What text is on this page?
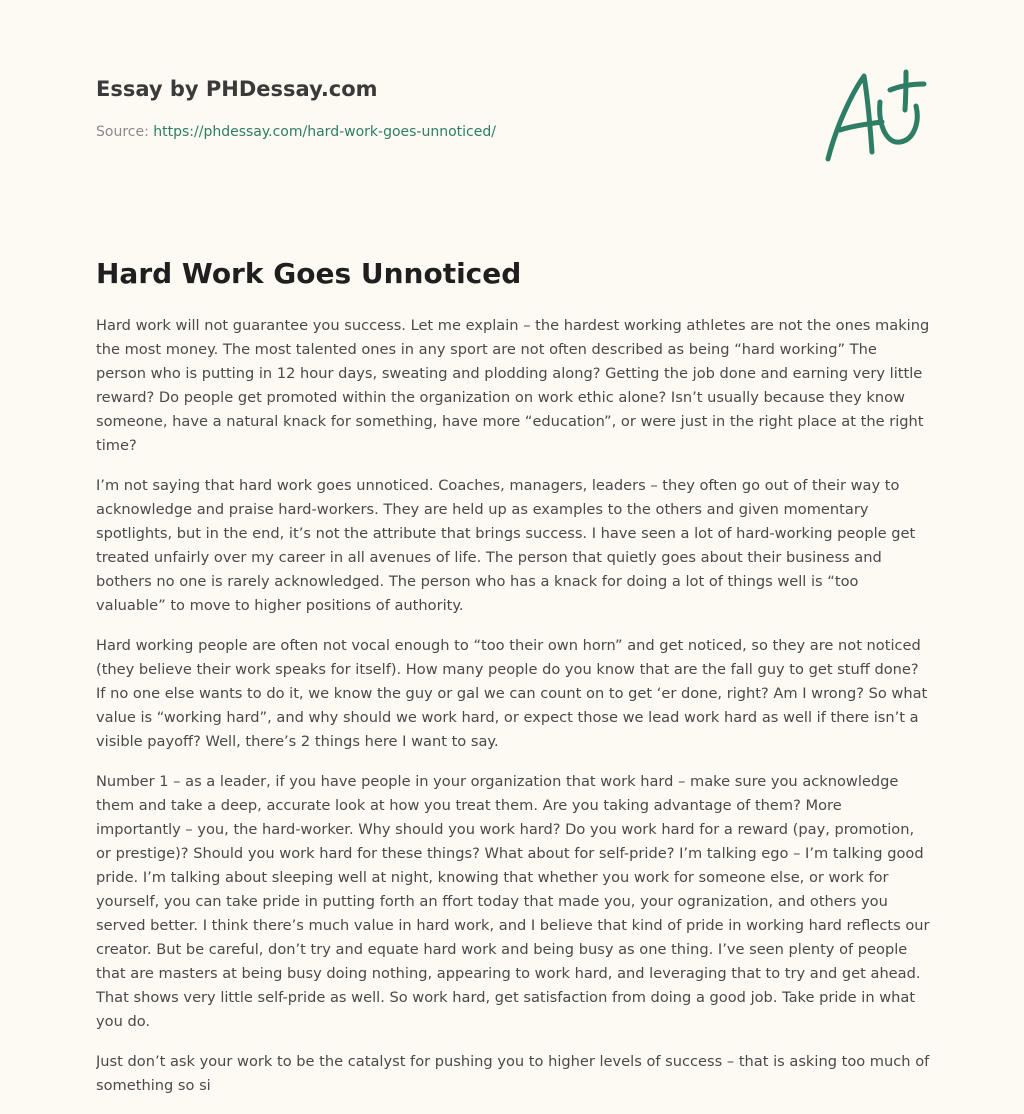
Essay by PHDessay.com
Source: https://phdessay.com/hard-work-goes-unnoticed/
Hard Work Goes Unnoticed

Hard work will not guarantee you success. Let me explain – the hardest working athletes are not the ones making the most money. The most talented ones in any sport are not often described as being “hard working” The person who is putting in 12 hour days, sweating and plodding along? Getting the job done and earning very little reward? Do people get promoted within the organization on work ethic alone? Isn’t usually because they know someone, have a natural knack for something, have more “education”, or were just in the right place at the right time?

I’m not saying that hard work goes unnoticed. Coaches, managers, leaders – they often go out of their way to acknowledge and praise hard-workers. They are held up as examples to the others and given momentary spotlights, but in the end, it’s not the attribute that brings success. I have seen a lot of hard-working people get treated unfairly over my career in all avenues of life. The person that quietly goes about their business and bothers no one is rarely acknowledged. The person who has a knack for doing a lot of things well is “too valuable” to move to higher positions of authority.

Hard working people are often not vocal enough to “too their own horn” and get noticed, so they are not noticed (they believe their work speaks for itself). How many people do you know that are the fall guy to get stuff done? If no one else wants to do it, we know the guy or gal we can count on to get ‘er done, right? Am I wrong? So what value is “working hard”, and why should we work hard, or expect those we lead work hard as well if there isn’t a visible payoff? Well, there’s 2 things here I want to say.

Number 1 – as a leader, if you have people in your organization that work hard – make sure you acknowledge them and take a deep, accurate look at how you treat them. Are you taking advantage of them? More importantly – you, the hard-worker. Why should you work hard? Do you work hard for a reward (pay, promotion, or prestige)? Should you work hard for these things? What about for self-pride? I’m talking ego – I’m talking good pride. I’m talking about sleeping well at night, knowing that whether you work for someone else, or work for yourself, you can take pride in putting forth an ffort today that made you, your ogranization, and others you served better. I think there’s much value in hard work, and I believe that kind of pride in working hard reflects our creator. But be careful, don’t try and equate hard work and being busy as one thing. I’ve seen plenty of people that are masters at being busy doing nothing, appearing to work hard, and leveraging that to try and get ahead. That shows very little self-pride as well. So work hard, get satisfaction from doing a good job. Take pride in what you do.

Just don’t ask your work to be the catalyst for pushing you to higher levels of success – that is asking too much of something so si
